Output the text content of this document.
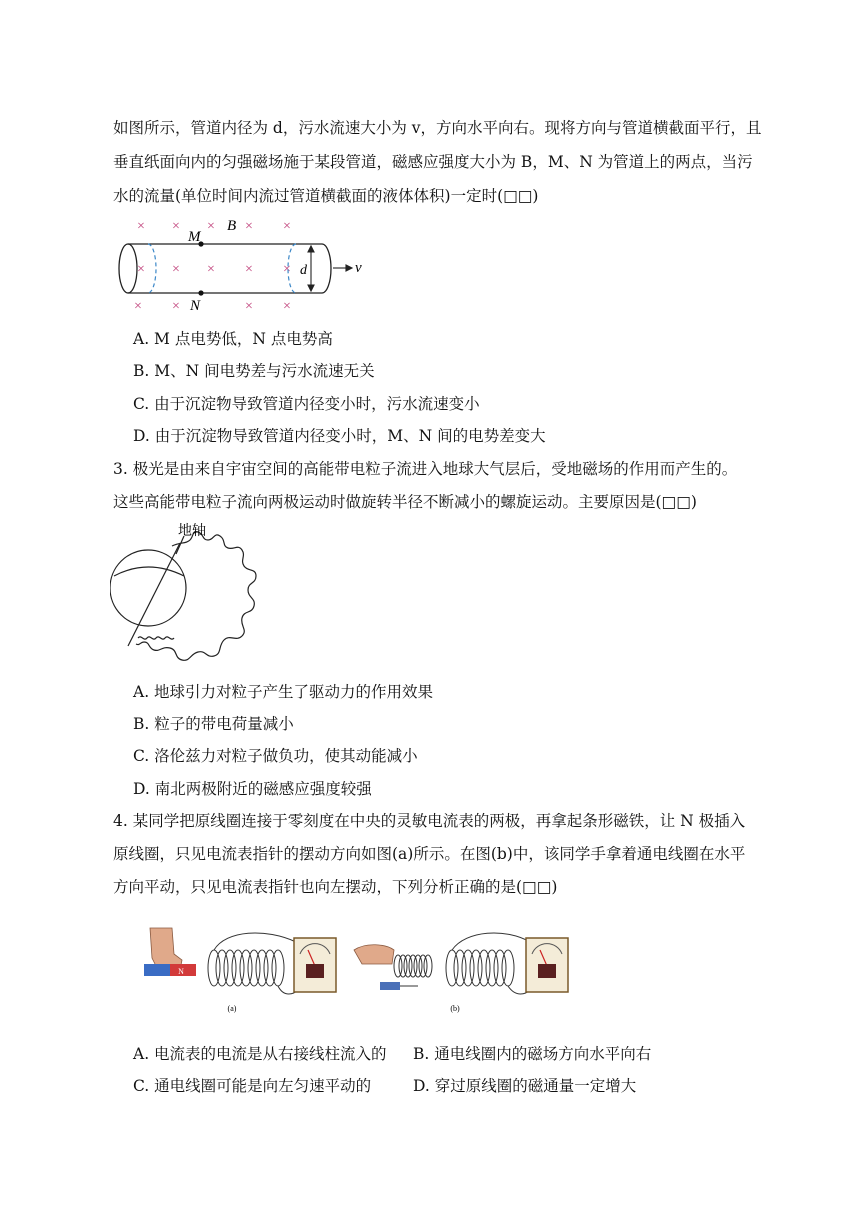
如图所示，管道内径为 d，污水流速大小为 v，方向水平向右。现将方向与管道横截面平行，且
垂直纸面向内的匀强磁场施于某段管道，磁感应强度大小为 B，M、N 为管道上的两点，当污
水的流量(单位时间内流过管道横截面的液体体积)一定时(□□)
× × × × ×
× × × × ×
× ×	× ×
M
N
B
d	v
A. M 点电势低，N 点电势高
B. M、N 间电势差与污水流速无关
C. 由于沉淀物导致管道内径变小时，污水流速变小
D. 由于沉淀物导致管道内径变小时，M、N 间的电势差变大
3. 极光是由来自宇宙空间的高能带电粒子流进入地球大气层后，受地磁场的作用而产生的。
这些高能带电粒子流向两极运动时做旋转半径不断减小的螺旋运动。主要原因是(□□)
地轴
A. 地球引力对粒子产生了驱动力的作用效果
B. 粒子的带电荷量减小
C. 洛伦兹力对粒子做负功，使其动能减小
D. 南北两极附近的磁感应强度较强
4. 某同学把原线圈连接于零刻度在中央的灵敏电流表的两极，再拿起条形磁铁，让 N 极插入
原线圈，只见电流表指针的摆动方向如图(a)所示。在图(b)中，该同学手拿着通电线圈在水平
方向平动，只见电流表指针也向左摆动，下列分析正确的是(□□)
N
(a)	(b)
A. 电流表的电流是从右接线柱流入的 B. 通电线圈内的磁场方向水平向右
C. 通电线圈可能是向左匀速平动的	D. 穿过原线圈的磁通量一定增大
